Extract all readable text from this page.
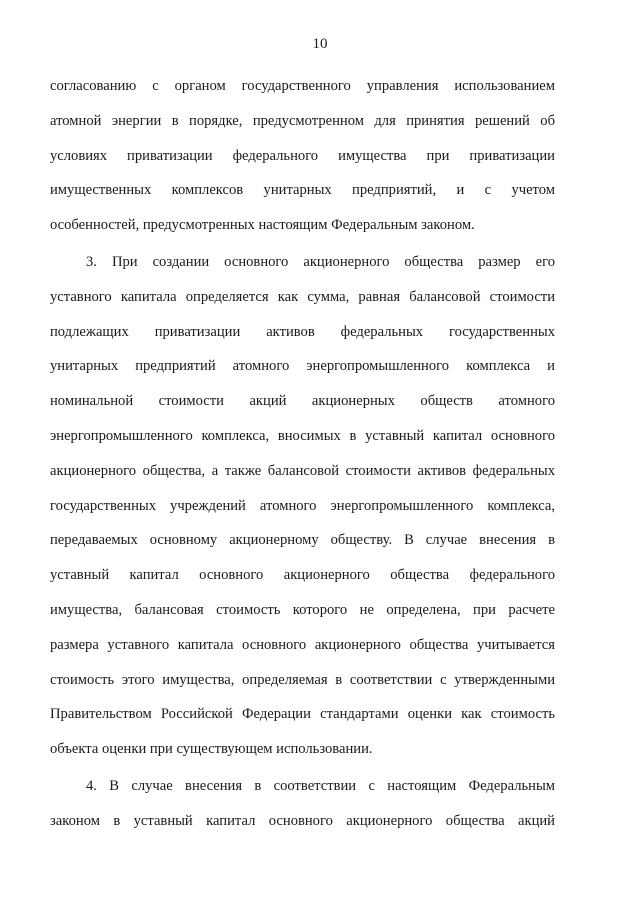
10
согласованию с органом государственного управления использованием
атомной энергии в порядке, предусмотренном для принятия решений об
условиях приватизации федерального имущества при приватизации
имущественных комплексов унитарных предприятий, и с учетом
особенностей, предусмотренных настоящим Федеральным законом.
3. При создании основного акционерного общества размер его
уставного капитала определяется как сумма, равная балансовой стоимости
подлежащих приватизации активов федеральных государственных
унитарных предприятий атомного энергопромышленного комплекса и
номинальной стоимости акций акционерных обществ атомного
энергопромышленного комплекса, вносимых в уставный капитал основного
акционерного общества, а также балансовой стоимости активов федеральных
государственных учреждений атомного энергопромышленного комплекса,
передаваемых основному акционерному обществу. В случае внесения в
уставный капитал основного акционерного общества федерального
имущества, балансовая стоимость которого не определена, при расчете
размера уставного капитала основного акционерного общества учитывается
стоимость этого имущества, определяемая в соответствии с утвержденными
Правительством Российской Федерации стандартами оценки как стоимость
объекта оценки при существующем использовании.
4. В случае внесения в соответствии с настоящим Федеральным
законом в уставный капитал основного акционерного общества акций
